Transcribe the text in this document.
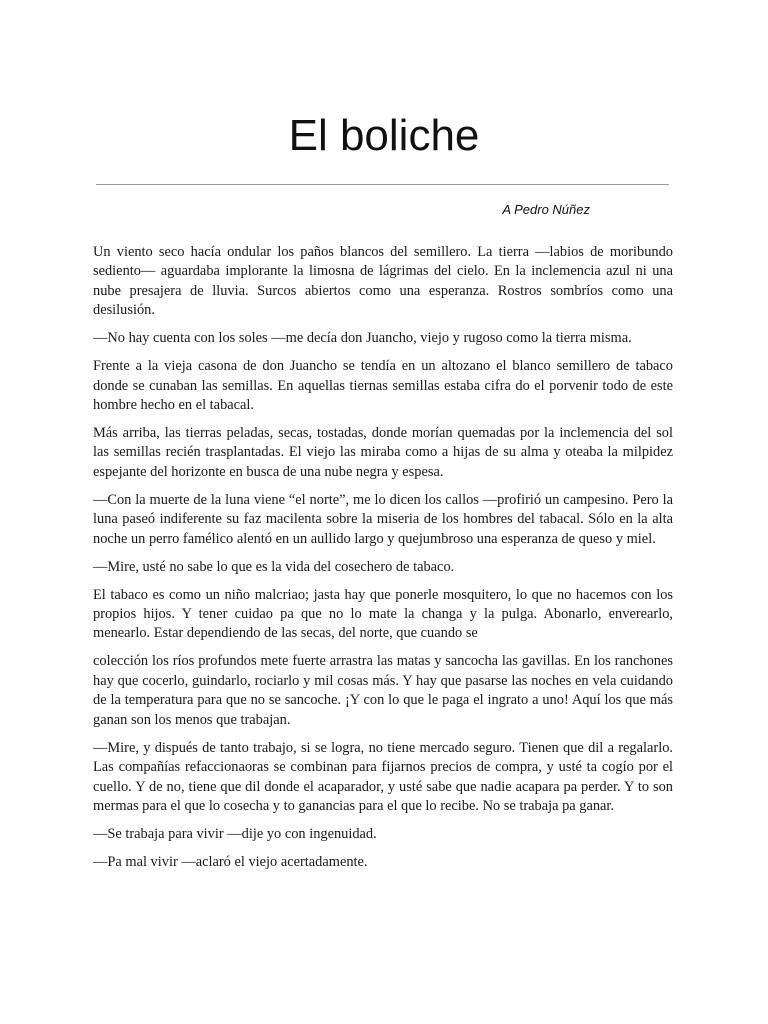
El boliche
A Pedro Núñez

Un viento seco hacía ondular los paños blancos del semillero. La tierra —labios de moribundo sediento— aguardaba implorante la limosna de lágrimas del cielo. En la inclemencia azul ni una nube presajera de lluvia. Surcos abiertos como una esperanza. Rostros sombríos como una desilusión.

—No hay cuenta con los soles —me decía don Juancho, viejo y rugoso como la tierra misma.

Frente a la vieja casona de don Juancho se tendía en un altozano el blanco semillero de tabaco donde se cunaban las semillas. En aquellas tiernas semillas estaba cifra do el porvenir todo de este hombre hecho en el tabacal.

Más arriba, las tierras peladas, secas, tostadas, donde morían quemadas por la inclemencia del sol las semillas recién trasplantadas. El viejo las miraba como a hijas de su alma y oteaba la milpidez espejante del horizonte en busca de una nube negra y espesa.

—Con la muerte de la luna viene “el norte”, me lo dicen los callos —profirió un campesino. Pero la luna paseó indiferente su faz macilenta sobre la miseria de los hombres del tabacal. Sólo en la alta noche un perro famélico alentó en un aullido largo y quejumbroso una esperanza de queso y miel.

—Mire, usté no sabe lo que es la vida del cosechero de tabaco.

El tabaco es como un niño malcriao; jasta hay que ponerle mosquitero, lo que no hacemos con los propios hijos. Y tener cuidao pa que no lo mate la changa y la pulga. Abonarlo, enverearlo, menearlo. Estar dependiendo de las secas, del norte, que cuando se

colección los ríos profundos mete fuerte arrastra las matas y sancocha las gavillas. En los ranchones hay que cocerlo, guindarlo, rociarlo y mil cosas más. Y hay que pasarse las noches en vela cuidando de la temperatura para que no se sancoche. ¡Y con lo que le paga el ingrato a uno! Aquí los que más ganan son los menos que trabajan.

—Mire, y dispués de tanto trabajo, si se logra, no tiene mercado seguro. Tienen que dil a regalarlo. Las compañías refaccionaoras se combinan para fijarnos precios de compra, y usté ta cogío por el cuello. Y de no, tiene que dil donde el acaparador, y usté sabe que nadie acapara pa perder. Y to son mermas para el que lo cosecha y to ganancias para el que lo recibe. No se trabaja pa ganar.

—Se trabaja para vivir —dije yo con ingenuidad.

—Pa mal vivir —aclaró el viejo acertadamente.
